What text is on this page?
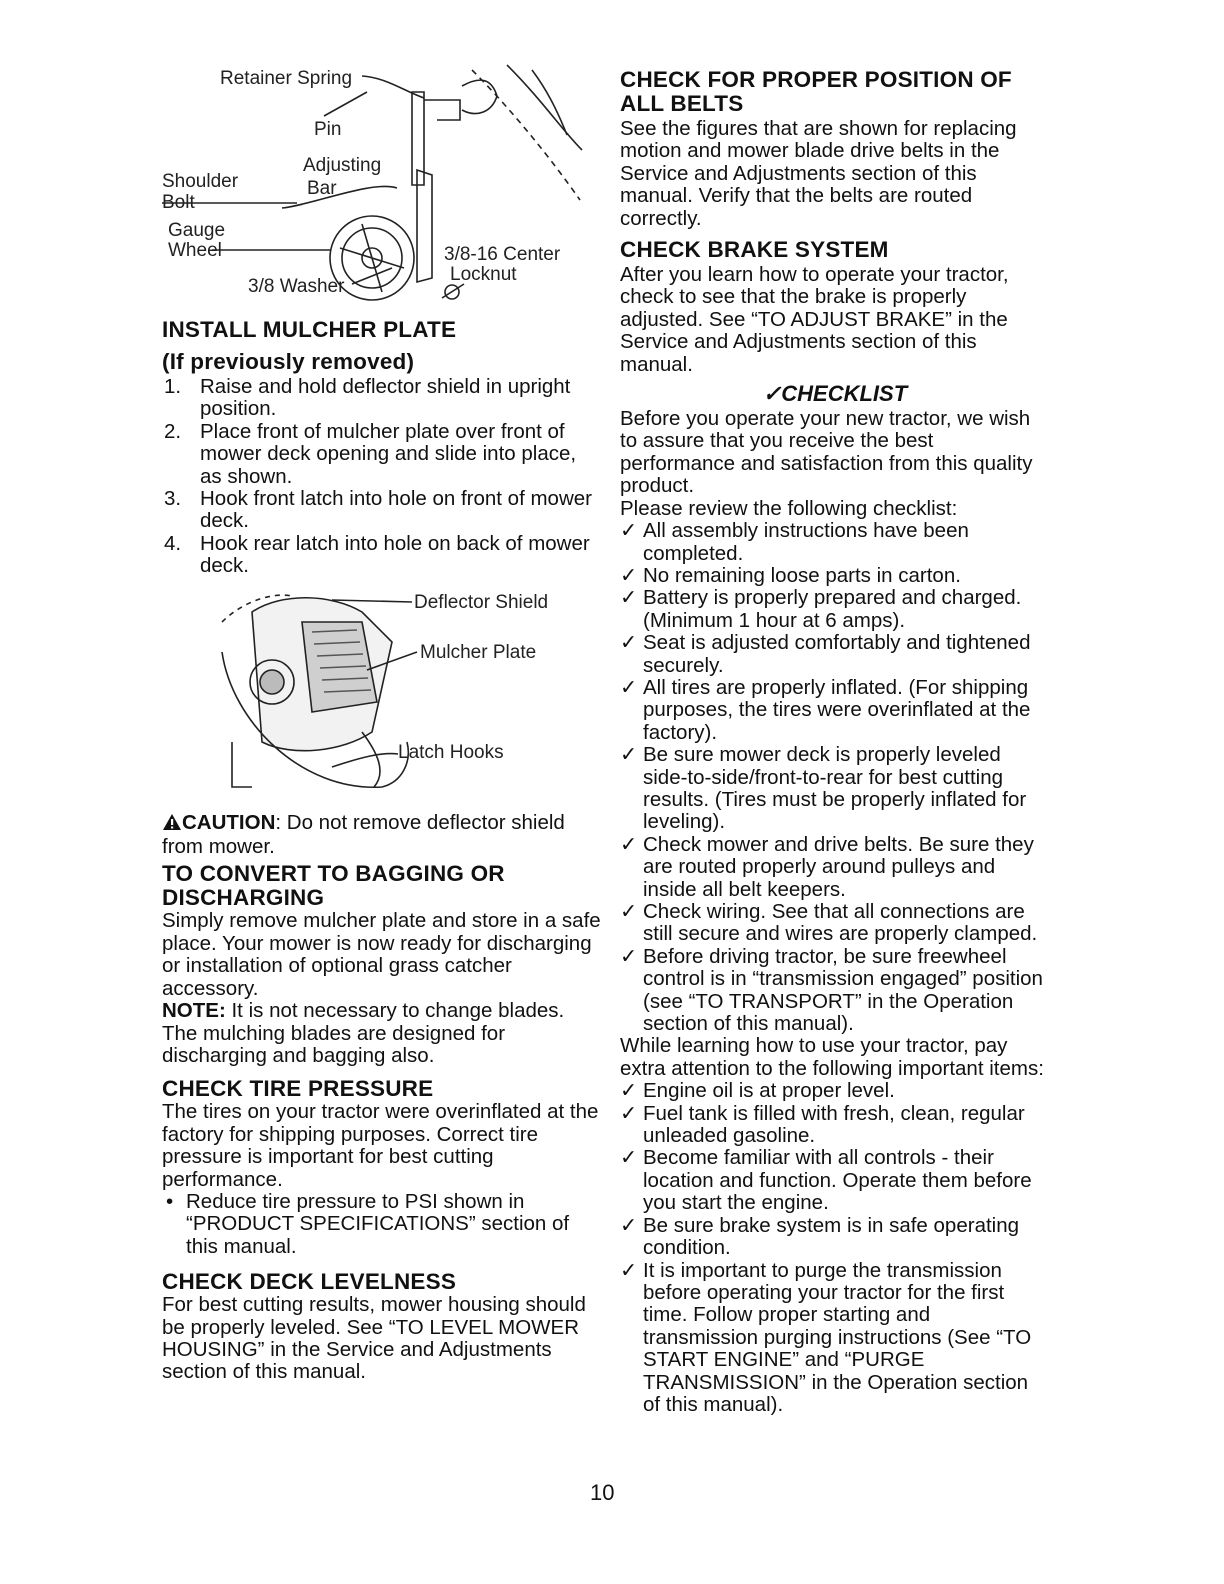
Retainer Spring
Pin
Adjusting
Shoulder	Bar
Bolt
Gauge
Wheel	3/8-16 Center
Locknut
3/8 Washer
INSTALL MULCHER PLATE
(If previously removed)
1. Raise and hold deflector shield in upright position.
2. Place front of mulcher plate over front of mower deck opening and slide into place, as shown.
3. Hook front latch into hole on front of mower deck.
4. Hook rear latch into hole on back of mower deck.
Deflector Shield
Mulcher Plate
Latch Hooks

CAUTION: Do not remove deflector shield from mower.

TO CONVERT TO BAGGING OR DISCHARGING

Simply remove mulcher plate and store in a safe place. Your mower is now ready for discharging or installation of optional grass catcher accessory.

NOTE: It is not necessary to change blades. The mulching blades are designed for discharging and bagging also.

CHECK TIRE PRESSURE

The tires on your tractor were overinflated at the factory for shipping purposes. Correct tire pressure is important for best cutting performance.

• Reduce tire pressure to PSI shown in “PRODUCT SPECIFICATIONS” section of this manual.
CHECK DECK LEVELNESS

For best cutting results, mower housing should be properly leveled. See “TO LEVEL MOWER HOUSING” in the Service and Adjustments section of this manual.

CHECK FOR PROPER POSITION OF ALL BELTS

See the figures that are shown for replacing motion and mower blade drive belts in the Service and Adjustments section of this manual. Verify that the belts are routed correctly.

CHECK BRAKE SYSTEM

After you learn how to operate your tractor, check to see that the brake is properly adjusted. See “TO ADJUST BRAKE” in the Service and Adjustments section of this manual.

✓CHECKLIST

Before you operate your new tractor, we wish to assure that you receive the best performance and satisfaction from this quality product.

Please review the following checklist:

✓ All assembly instructions have been completed.
✓ No remaining loose parts in carton.
✓ Battery is properly prepared and charged. (Minimum 1 hour at 6 amps).
✓ Seat is adjusted comfortably and tightened securely.
✓ All tires are properly inflated. (For shipping purposes, the tires were overinflated at the factory).
✓ Be sure mower deck is properly leveled side-to-side/front-to-rear for best cutting results. (Tires must be properly inflated for leveling).
✓ Check mower and drive belts. Be sure they are routed properly around pulleys and inside all belt keepers.
✓ Check wiring. See that all connections are still secure and wires are properly clamped.
✓ Before driving tractor, be sure freewheel control is in “transmission engaged” position (see “TO TRANSPORT” in the Operation section of this manual).

While learning how to use your tractor, pay extra attention to the following important items:

✓ Engine oil is at proper level.
✓ Fuel tank is filled with fresh, clean, regular unleaded gasoline.
✓ Become familiar with all controls - their location and function. Operate them before you start the engine.
✓ Be sure brake system is in safe operating condition.
✓ It is important to purge the transmission before operating your tractor for the first time. Follow proper starting and transmission purging instructions (See “TO START ENGINE” and “PURGE TRANSMISSION” in the Operation section of this manual).
10
